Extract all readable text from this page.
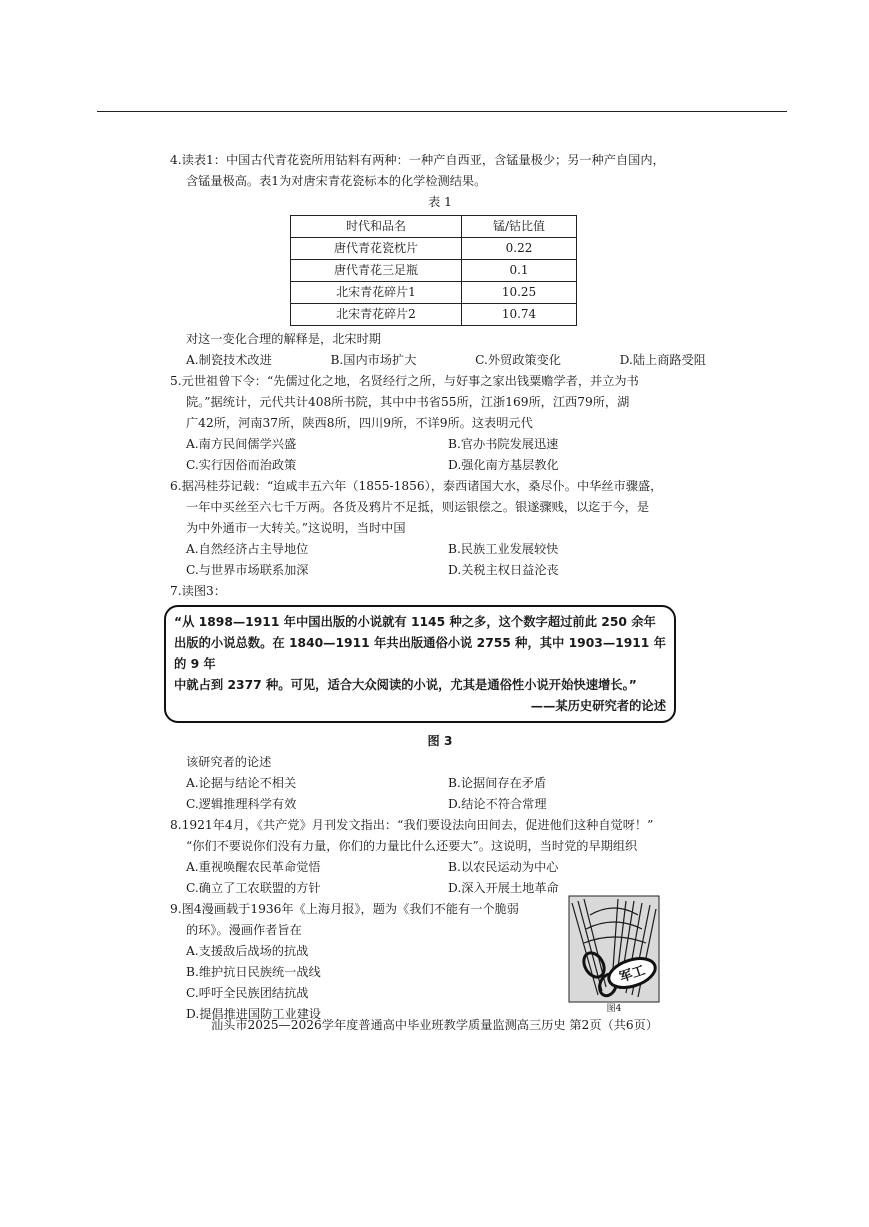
4.读表1：中国古代青花瓷所用钴料有两种：一种产自西亚，含锰量极少；另一种产自国内，

含锰量极高。表1为对唐宋青花瓷标本的化学检测结果。

表 1

时代和品名	锰/钴比值
唐代青花瓷枕片	0.22
唐代青花三足瓶	0.1
北宋青花碎片1	10.25
北宋青花碎片2	10.74

对这一变化合理的解释是，北宋时期

A.制瓷技术改进	B.国内市场扩大	C.外贸政策变化	D.陆上商路受阻

5.元世祖曾下令：“先儒过化之地，名贤经行之所，与好事之家出钱粟赡学者，并立为书

院。”据统计，元代共计408所书院，其中中书省55所，江浙169所，江西79所，湖

广42所，河南37所，陕西8所，四川9所，不详9所。这表明元代

A.南方民间儒学兴盛	B.官办书院发展迅速
C.实行因俗而治政策	D.强化南方基层教化

6.据冯桂芬记载：“迨咸丰五六年（1855-1856），泰西诸国大水，桑尽仆。中华丝市骤盛，

一年中买丝至六七千万两。各货及鸦片不足抵，则运银偿之。银遂骤贱，以迄于今，是

为中外通市一大转关。”这说明，当时中国

A.自然经济占主导地位	B.民族工业发展较快
C.与世界市场联系加深	D.关税主权日益沦丧

7.读图3：

“从 1898—1911 年中国出版的小说就有 1145 种之多，这个数字超过前此 250 余年
出版的小说总数。在 1840—1911 年共出版通俗小说 2755 种，其中 1903—1911 年的 9 年
中就占到 2377 种。可见，适合大众阅读的小说，尤其是通俗性小说开始快速增长。”
——某历史研究者的论述

图 3

该研究者的论述

A.论据与结论不相关	B.论据间存在矛盾
C.逻辑推理科学有效	D.结论不符合常理

8.1921年4月，《共产党》月刊发文指出：“我们要设法向田间去，促进他们这种自觉呀！”

“你们不要说你们没有力量，你们的力量比什么还要大”。这说明，当时党的早期组织

A.重视唤醒农民革命觉悟	B.以农民运动为中心
C.确立了工农联盟的方针	D.深入开展土地革命

9.图4漫画载于1936年《上海月报》，题为《我们不能有一个脆弱

的环》。漫画作者旨在

A.支援敌后战场的抗战

B.维护抗日民族统一战线

C.呼吁全民族团结抗战

D.提倡推进国防工业建设

军工
图4
汕头市2025—2026学年度普通高中毕业班教学质量监测高三历史 第2页（共6页）
